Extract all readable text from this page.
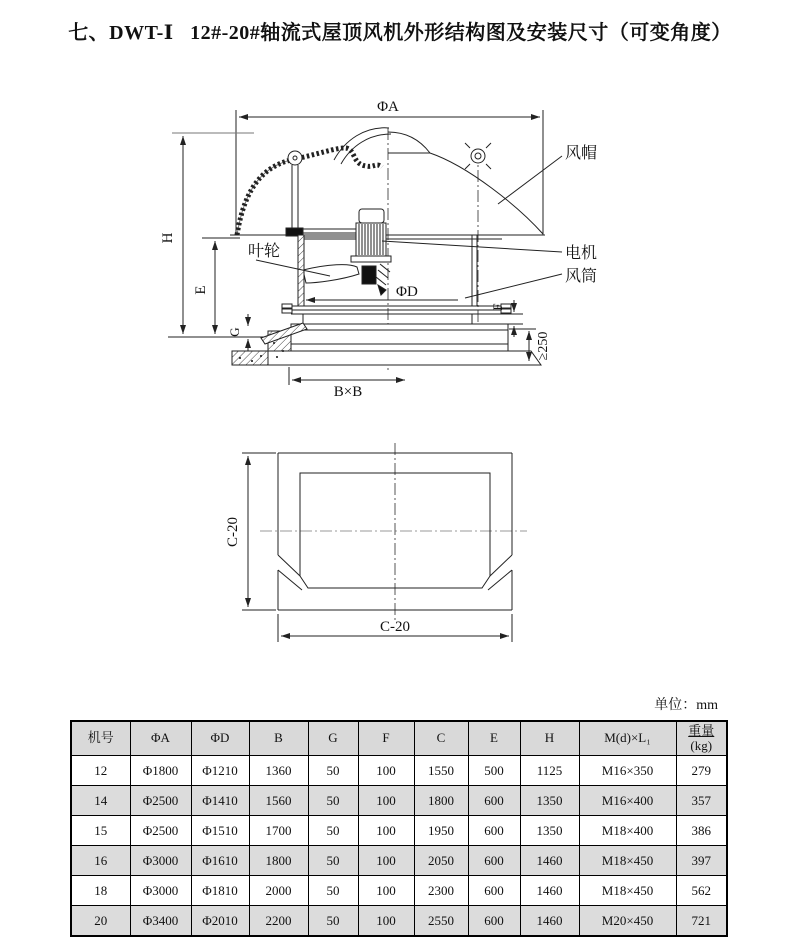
七、DWT-Ⅰ   12#-20#轴流式屋顶风机外形结构图及安装尺寸（可变角度）
ΦA
H
E
G
ΦD
F
≥250
B×B
风帽
叶轮	电机
风筒
C-20
C-20
单位：mm
机号	ΦA	ΦD	B	G	F	C	E	H	M(d)×L₁	重量
(kg)
12	Φ1800	Φ1210	1360	50	100	1550	500	1125	M16×350	279
14	Φ2500	Φ1410	1560	50	100	1800	600	1350	M16×400	357
15	Φ2500	Φ1510	1700	50	100	1950	600	1350	M18×400	386
16	Φ3000	Φ1610	1800	50	100	2050	600	1460	M18×450	397
18	Φ3000	Φ1810	2000	50	100	2300	600	1460	M18×450	562
20	Φ3400	Φ2010	2200	50	100	2550	600	1460	M20×450	721
